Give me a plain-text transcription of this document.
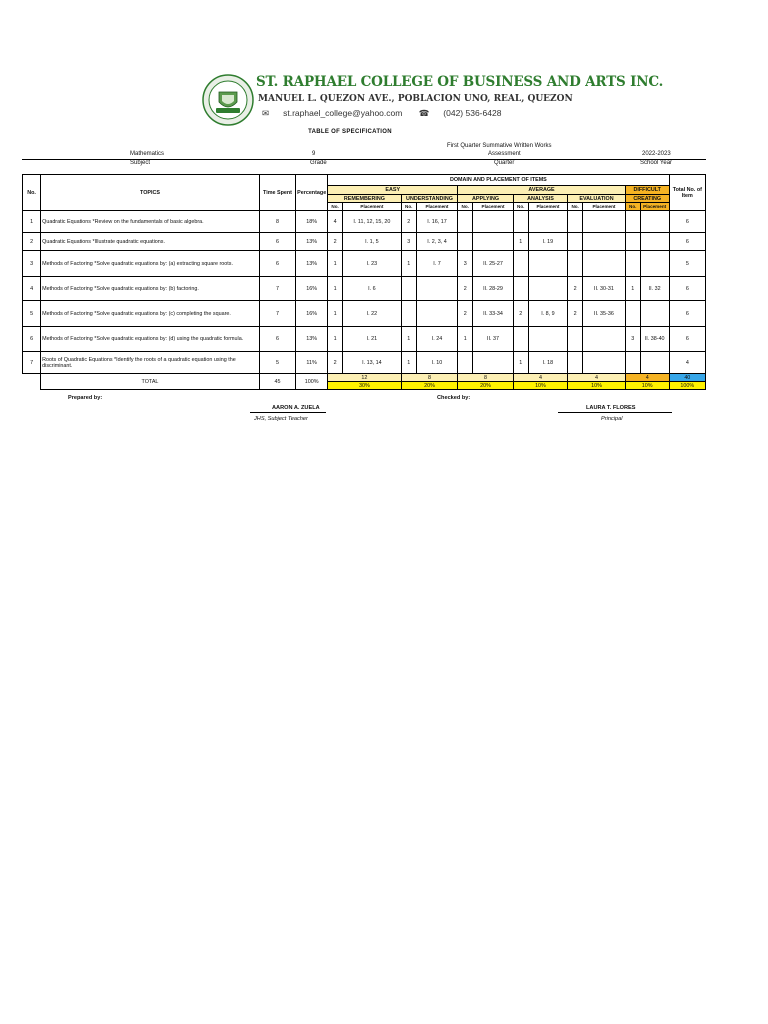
ST. RAPHAEL COLLEGE OF BUSINESS AND ARTS INC.
MANUEL L. QUEZON AVE., POBLACION UNO, REAL, QUEZON
✉ st.raphael_college@yahoo.com ☎ (042) 536-6428
TABLE OF SPECIFICATION
First Quarter Summative Written Works
Mathematics	9	Assessment	2022-2023
Subject	Grade	Quarter	School Year
No.	TOPICS	Time Spent	Percentage	DOMAIN AND PLACEMENT OF ITEMS												Total No. of Item
				EASY				AVERAGE						DIFFICULT		
				REMEMBERING		UNDERSTANDING		APPLYING		ANALYSIS		EVALUATION		CREATING		
				No.	Placement	No.	Placement	No.	Placement	No.	Placement	No.	Placement	No.	Placement	
1	Quadratic Equations *Review on the fundamentals of basic algebra.	8	18%	4	I. 11, 12, 15, 20	2	I. 16, 17									6
2	Quadratic Equations *Illustrate quadratic equations.	6	13%	2	I. 1, 5	3	I. 2, 3, 4			1	I. 19					6
3	Methods of Factoring *Solve quadratic equations by: (a) extracting square roots.	6	13%	1	I. 23	1	I. 7	3	II. 25-27							5
4	Methods of Factoring *Solve quadratic equations by: (b) factoring.	7	16%	1	I. 6			2	II. 28-29			2	II. 30-31	1	II. 32	6
5	Methods of Factoring *Solve quadratic equations by: (c) completing the square.	7	16%	1	I. 22			2	II. 33-34	2	I. 8, 9	2	II. 35-36			6
6	Methods of Factoring *Solve quadratic equations by: (d) using the quadratic formula.	6	13%	1	I. 21	1	I. 24	1	II. 37					3	II. 38-40	6
7	Roots of Quadratic Equations *Identify the roots of a quadratic equation using the discriminant.	5	11%	2	I. 13, 14	1	I. 10			1	I. 18					4
	TOTAL	45	100%	12		8		8		4		4		4		40
				30%		20%		20%		10%		10%		10%		100%
Prepared by:
AARON A. ZUELA
JHS, Subject Teacher
Checked by:
LAURA T. FLORES
Principal
